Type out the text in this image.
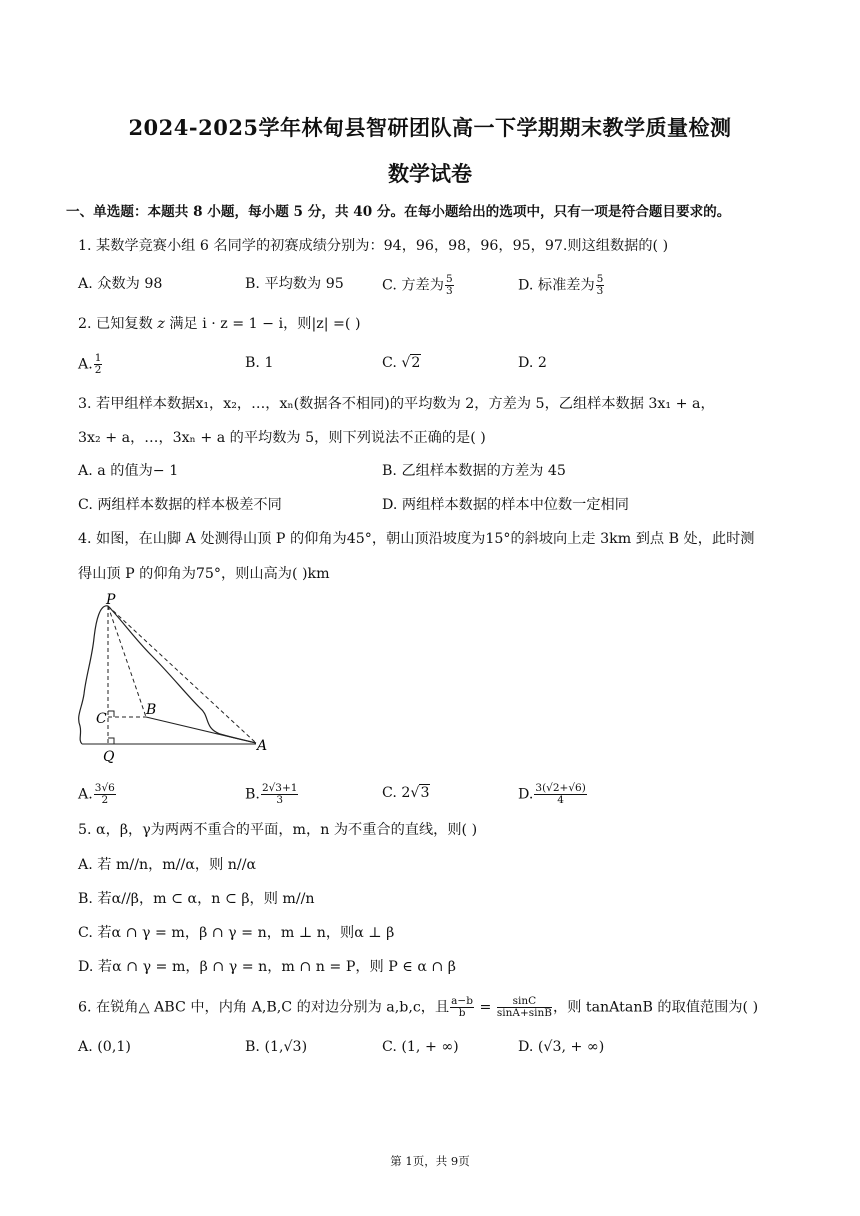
2024-2025学年林甸县智研团队高一下学期期末教学质量检测
数学试卷
一、单选题：本题共 8 小题，每小题 5 分，共 40 分。在每小题给出的选项中，只有一项是符合题目要求的。
1. 某数学竞赛小组 6 名同学的初赛成绩分别为：94，96，98，96，95，97.则这组数据的( )
A. 众数为 98	B. 平均数为 95	C. 方差为 $\frac{5}{3}$	D. 标准差为 $\frac{5}{3}$
2. 已知复数 z 满足 i · z = 1 − i，则|z| =( )
A. $\frac{1}{2}$	B. 1	C. √2	D. 2
3. 若甲组样本数据x₁，x₂，…，xₙ(数据各不相同)的平均数为 2，方差为 5，乙组样本数据 3x₁ + a，
3x₂ + a，…，3xₙ + a 的平均数为 5，则下列说法不正确的是( )
A. a 的值为− 1	B. 乙组样本数据的方差为 45
C. 两组样本数据的样本极差不同	D. 两组样本数据的样本中位数一定相同
4. 如图，在山脚 A 处测得山顶 P 的仰角为45°，朝山顶沿坡度为15°的斜坡向上走 3km 到点 B 处，此时测
得山顶 P 的仰角为75°，则山高为( )km
P
B
C
Q
A
A. $\frac{3√6}{2}$	B. $\frac{2√3+1}{3}$	C. 2√3	D. $\frac{3(√2+√6)}{4}$
5. α，β，γ为两两不重合的平面，m，n 为不重合的直线，则( )
A. 若 m//n，m//α，则 n//α
B. 若α//β，m ⊂ α，n ⊂ β，则 m//n
C. 若α ∩ γ = m，β ∩ γ = n，m ⊥ n，则α ⊥ β
D. 若α ∩ γ = m，β ∩ γ = n，m ∩ n = P，则 P ∈ α ∩ β
6. 在锐角△ ABC 中，内角 A,B,C 的对边分别为 a,b,c，且 $\frac{a-b}{b} = \frac{\sin C}{\sin A+\sin B}$ ，则 tanAtanB 的取值范围为( )
A. (0,1)	B. (1,√3)	C. (1, + ∞)	D. (√3, + ∞)
第 1页，共 9页
